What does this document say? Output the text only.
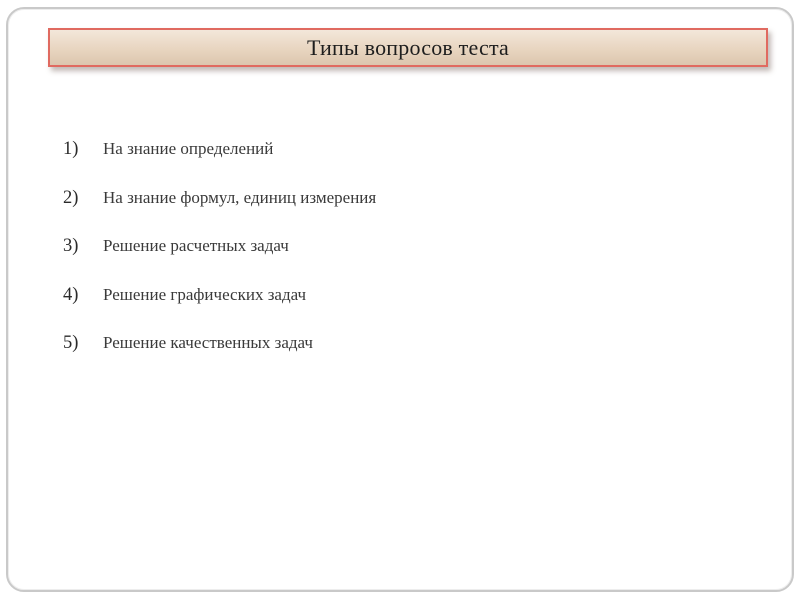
Типы вопросов теста
1)	На знание определений
2)	На знание формул, единиц измерения
3)	Решение расчетных задач
4)	Решение графических задач
5)	Решение качественных задач
